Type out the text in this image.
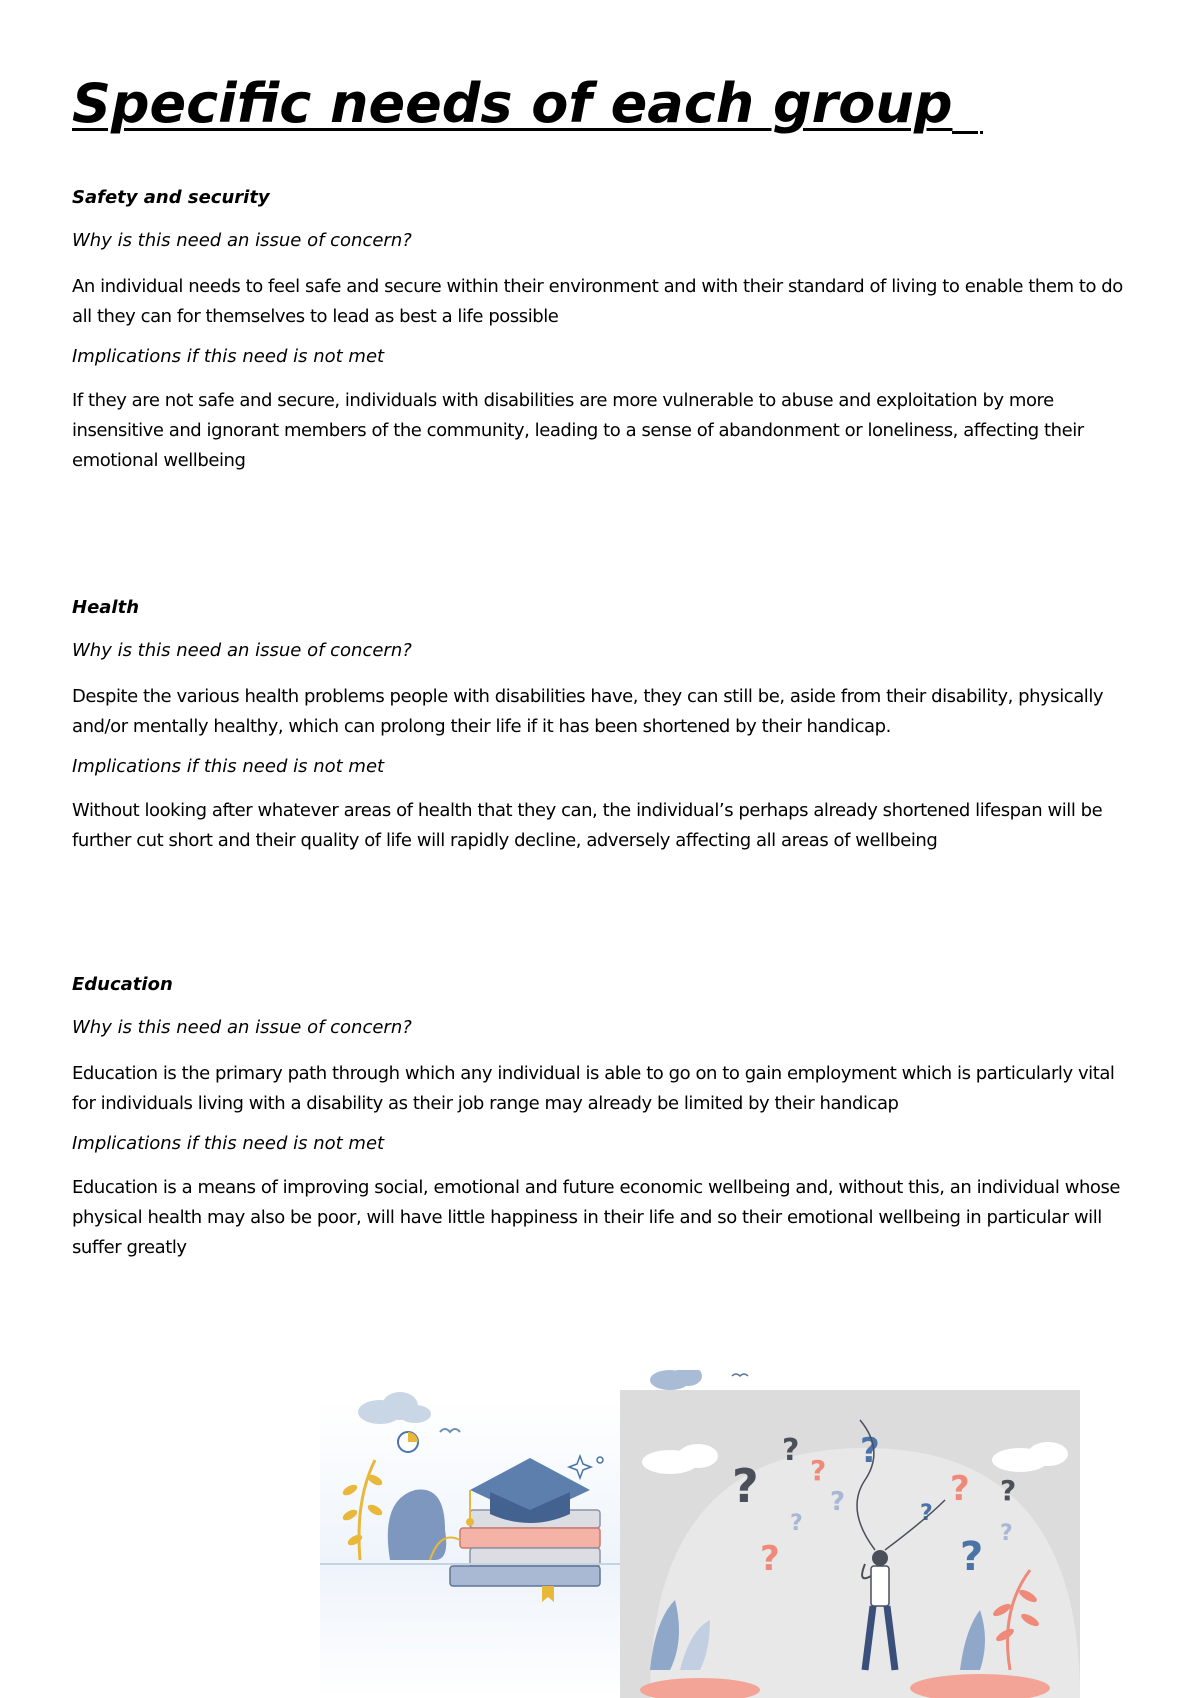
Specific needs of each group

Safety and security

Why is this need an issue of concern?

An individual needs to feel safe and secure within their environment and with their standard of living to enable them to do all they can for themselves to lead as best a life possible

Implications if this need is not met

If they are not safe and secure, individuals with disabilities are more vulnerable to abuse and exploitation by more insensitive and ignorant members of the community, leading to a sense of abandonment or loneliness, affecting their emotional wellbeing

Health

Why is this need an issue of concern?

Despite the various health problems people with disabilities have, they can still be, aside from their disability, physically and/or mentally healthy, which can prolong their life if it has been shortened by their handicap.

Implications if this need is not met

Without looking after whatever areas of health that they can, the individual’s perhaps already shortened lifespan will be further cut short and their quality of life will rapidly decline, adversely affecting all areas of wellbeing

Education

Why is this need an issue of concern?

Education is the primary path through which any individual is able to go on to gain employment which is particularly vital for individuals living with a disability as their job range may already be limited by their handicap

Implications if this need is not met

Education is a means of improving social, emotional and future economic wellbeing and, without this, an individual whose physical health may also be poor, will have little happiness in their life and so their emotional wellbeing in particular will suffer greatly

?
?
? ?
?
?	?
? ?
?	?
?
